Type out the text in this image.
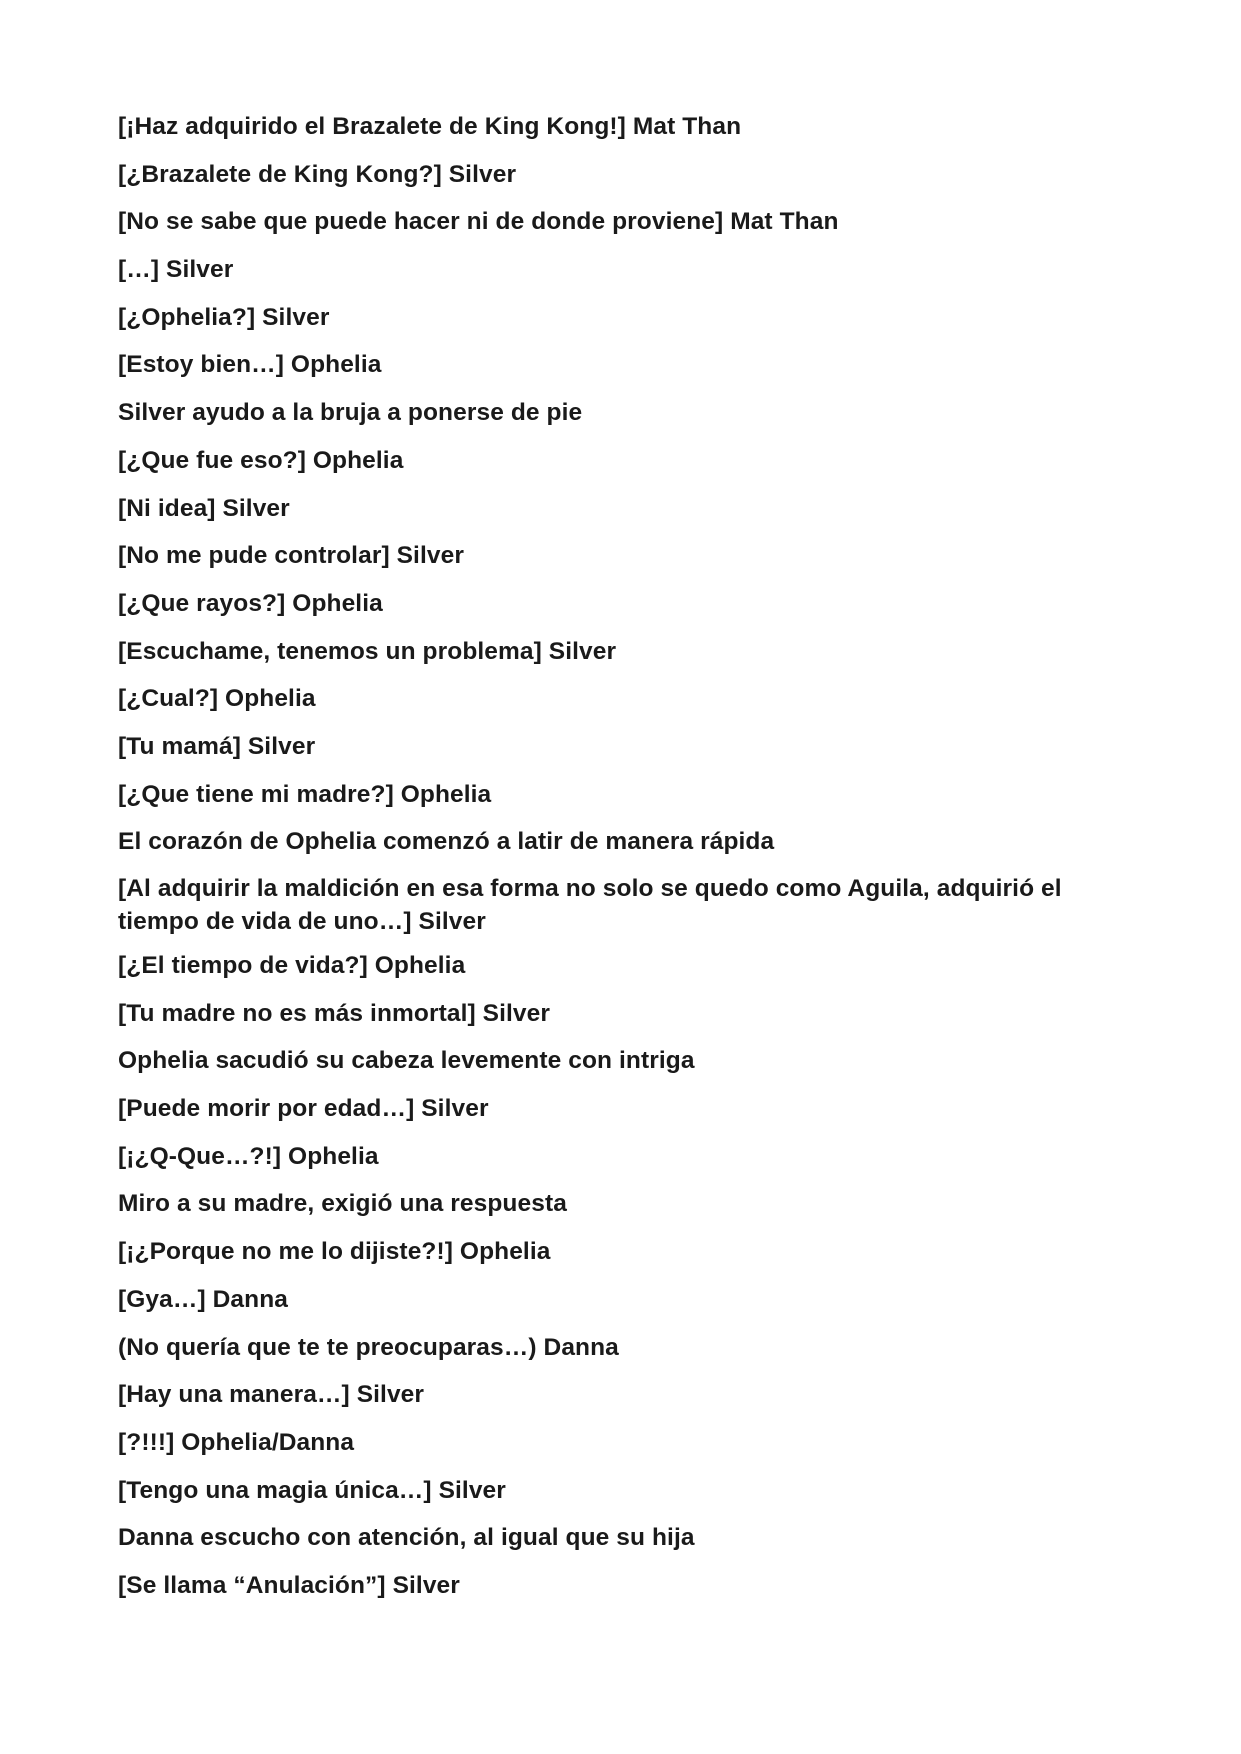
[¡Haz adquirido el Brazalete de King Kong!] Mat Than

[¿Brazalete de King Kong?] Silver

[No se sabe que puede hacer ni de donde proviene] Mat Than

[…] Silver

[¿Ophelia?] Silver

[Estoy bien…] Ophelia

Silver ayudo a la bruja a ponerse de pie

[¿Que fue eso?] Ophelia

[Ni idea] Silver

[No me pude controlar] Silver

[¿Que rayos?] Ophelia

[Escuchame, tenemos un problema] Silver

[¿Cual?] Ophelia

[Tu mamá] Silver

[¿Que tiene mi madre?] Ophelia

El corazón de Ophelia comenzó a latir de manera rápida

[Al adquirir la maldición en esa forma no solo se quedo como Aguila, adquirió el tiempo de vida de uno…] Silver

[¿El tiempo de vida?] Ophelia

[Tu madre no es más inmortal] Silver

Ophelia sacudió su cabeza levemente con intriga

[Puede morir por edad…] Silver

[¡¿Q-Que…?!] Ophelia

Miro a su madre, exigió una respuesta

[¡¿Porque no me lo dijiste?!] Ophelia

[Gya…] Danna

(No quería que te te preocuparas…) Danna

[Hay una manera…] Silver

[?!!!] Ophelia/Danna

[Tengo una magia única…] Silver

Danna escucho con atención, al igual que su hija

[Se llama “Anulación”] Silver
